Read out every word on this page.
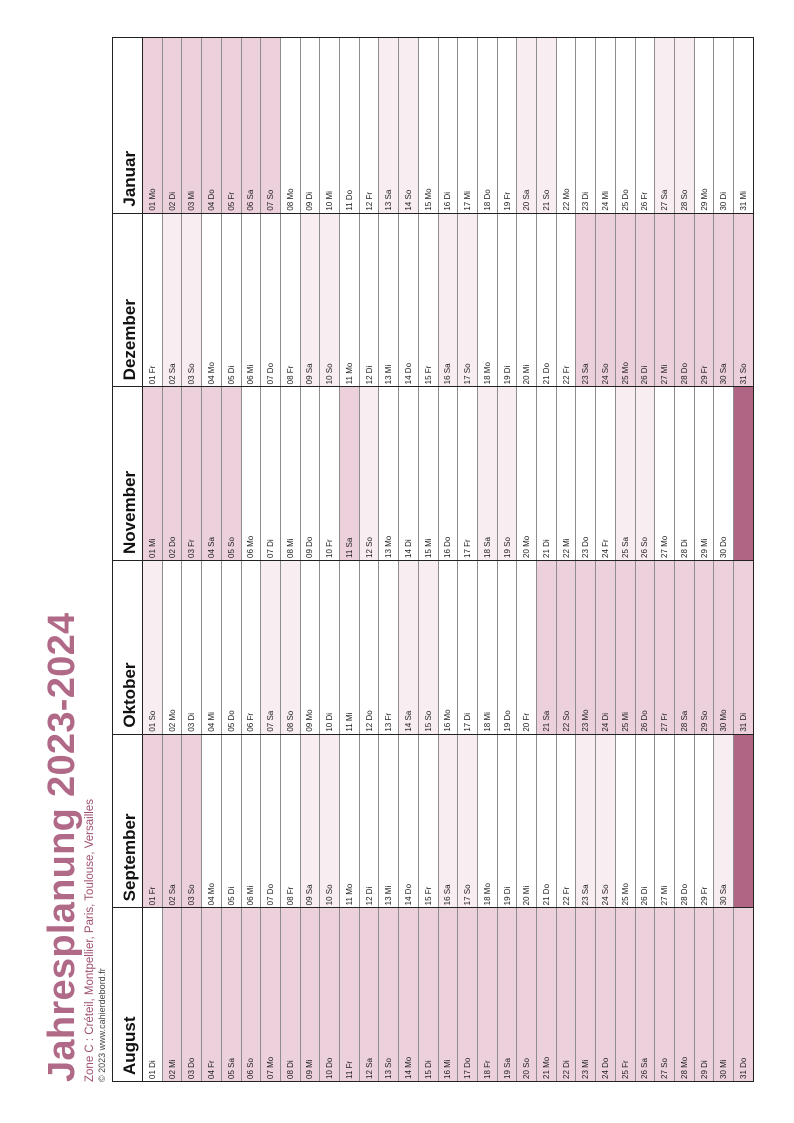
Jahresplanung 2023-2024 Zone C : Créteil, Montpellier, Paris, Toulouse, Versailles © 2023 www.cahierdebord.fr August	01 Di	02 Mi	03 Do	04 Fr	05 Sa	06 So	07 Mo	08 Di	09 Mi	10 Do	11 Fr	12 Sa	13 So	14 Mo	15 Di	16 Mi	17 Do	18 Fr	19 Sa	20 So	21 Mo	22 Di	23 Mi	24 Do	25 Fr	26 Sa	27 So	28 Mo	29 Di	30 Mi	31 Do
September	01 Fr	02 Sa	03 So	04 Mo	05 Di	06 Mi	07 Do	08 Fr	09 Sa	10 So	11 Mo	12 Di	13 Mi	14 Do	15 Fr	16 Sa	17 So	18 Mo	19 Di	20 Mi	21 Do	22 Fr	23 Sa	24 So	25 Mo	26 Di	27 Mi	28 Do	29 Fr	30 Sa
Oktober	01 So	02 Mo	03 Di	04 Mi	05 Do	06 Fr	07 Sa	08 So	09 Mo	10 Di	11 Mi	12 Do	13 Fr	14 Sa	15 So	16 Mo	17 Di	18 Mi	19 Do	20 Fr	21 Sa	22 So	23 Mo	24 Di	25 Mi	26 Do	27 Fr	28 Sa	29 So	30 Mo	31 Di
November	01 Mi	02 Do	03 Fr	04 Sa	05 So	06 Mo	07 Di	08 Mi	09 Do	10 Fr	11 Sa	12 So	13 Mo	14 Di	15 Mi	16 Do	17 Fr	18 Sa	19 So	20 Mo	21 Di	22 Mi	23 Do	24 Fr	25 Sa	26 So	27 Mo	28 Di	29 Mi	30 Do
Dezember	01 Fr	02 Sa	03 So	04 Mo	05 Di	06 Mi	07 Do	08 Fr	09 Sa	10 So	11 Mo	12 Di	13 Mi	14 Do	15 Fr	16 Sa	17 So	18 Mo	19 Di	20 Mi	21 Do	22 Fr	23 Sa	24 So	25 Mo	26 Di	27 Mi	28 Do	29 Fr	30 Sa	31 So
Januar	01 Mo	02 Di	03 Mi	04 Do	05 Fr	06 Sa	07 So	08 Mo	09 Di	10 Mi	11 Do	12 Fr	13 Sa	14 So	15 Mo	16 Di	17 Mi	18 Do	19 Fr	20 Sa	21 So	22 Mo	23 Di	24 Mi	25 Do	26 Fr	27 Sa	28 So	29 Mo	30 Di	31 Mi
